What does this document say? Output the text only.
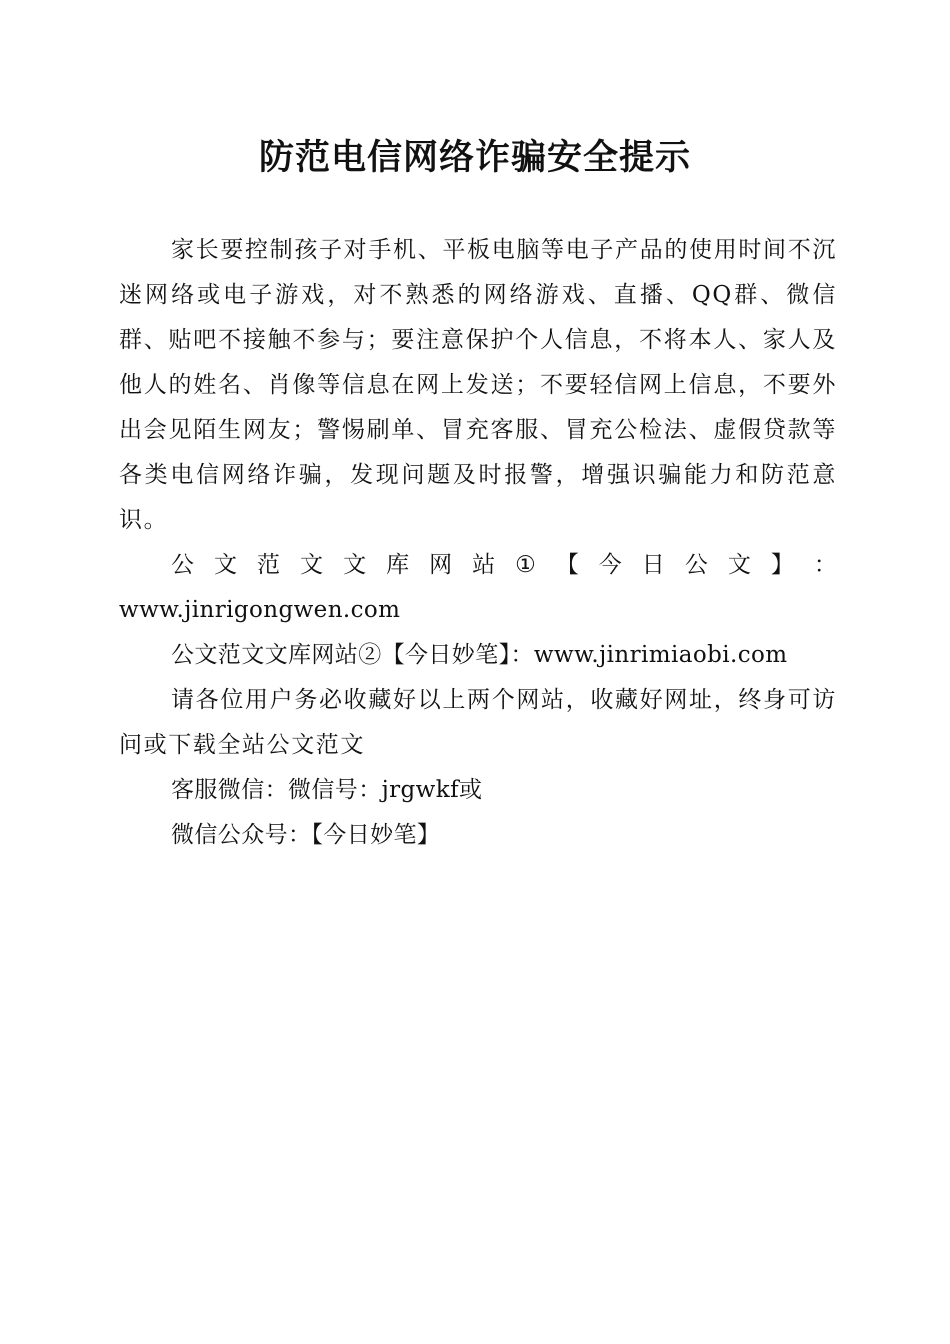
防范电信网络诈骗安全提示

家长要控制孩子对手机、平板电脑等电子产品的使用时间不沉迷网络或电子游戏，对不熟悉的网络游戏、直播、QQ群、微信群、贴吧不接触不参与；要注意保护个人信息，不将本人、家人及他人的姓名、肖像等信息在网上发送；不要轻信网上信息，不要外出会见陌生网友；警惕刷单、冒充客服、冒充公检法、虚假贷款等各类电信网络诈骗，发现问题及时报警，增强识骗能力和防范意识。

公 文 范 文 文 库 网 站 ① 【 今 日 公 文 】 ：

www.jinrigongwen.com

公文范文文库网站②【今日妙笔】：www.jinrimiaobi.com

请各位用户务必收藏好以上两个网站，收藏好网址，终身可访问或下载全站公文范文

客服微信：微信号：jrgwkf或

微信公众号：【今日妙笔】
